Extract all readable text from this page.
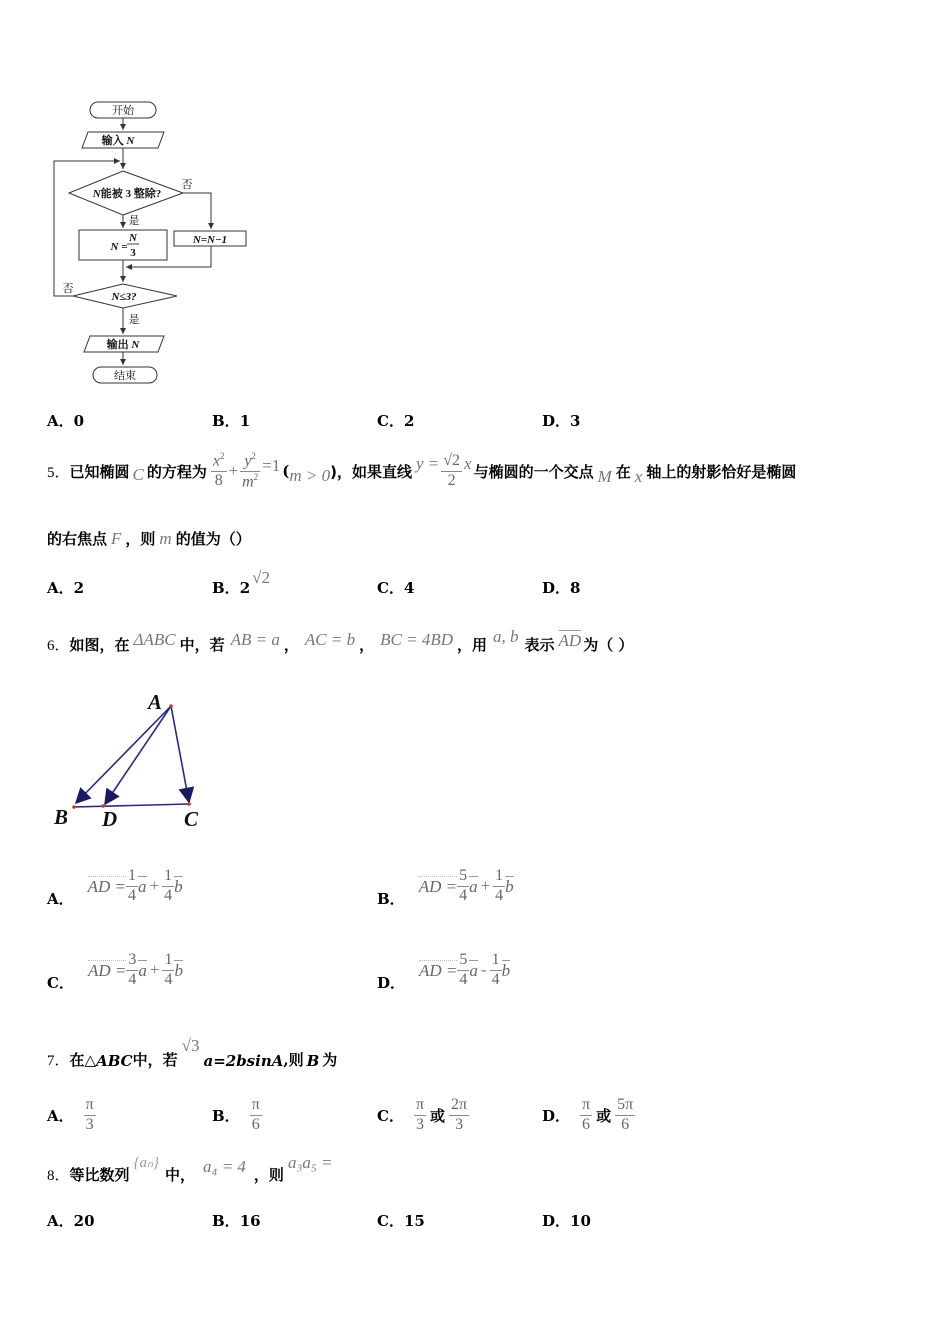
开始
输入 N
N能被 3 整除?
是
否
N =
N
3
N=N−1
N≤3?
否
是
输出 N
结束
A．0	B．1	C．2	D．3
5． 已知椭圆 C 的方程为 $\frac{x^2}{8} + \frac{y^2}{m^2} =1$ ( m > 0 )，如果直线 $y = \frac{√2}{2}$ x 与椭圆的一个交点 M 在 x 轴上的射影恰好是椭圆
的右焦点 F ，则 m 的值为（）
A．2	B．2√2
C．4	D．8
6． 如图，在 ΔABC 中，若 AB = a ， AC = b ， BC = 4BD ，用 a, b 表示 AD 为（ ）
A
B D	C
A．
AD = $\frac{1}{4}$ $a + \frac{1}{4}$ b
B．
AD = $\frac{5}{4}$ $a + \frac{1}{4}$ b
C．
AD = $\frac{3}{4}$ $a + \frac{1}{4}$ b
D．
AD = $\frac{5}{4}$ a - $\frac{1}{4}$ b
7． 在△ ABC 中，若
√3
a=2bsinA ,则 B 为
A． $\frac{\pi}{3}$	B． $\frac{\pi}{6}$	C． $\frac{\pi}{3}$ 或 $\frac{2\pi}{3}$	D． $\frac{\pi}{6}$ 或 $\frac{5\pi}{6}$
8． 等比数列
{aₙ}
中， a₄ = 4 ，则
a₃a₅ =
A．20	B．16	C．15	D．10
